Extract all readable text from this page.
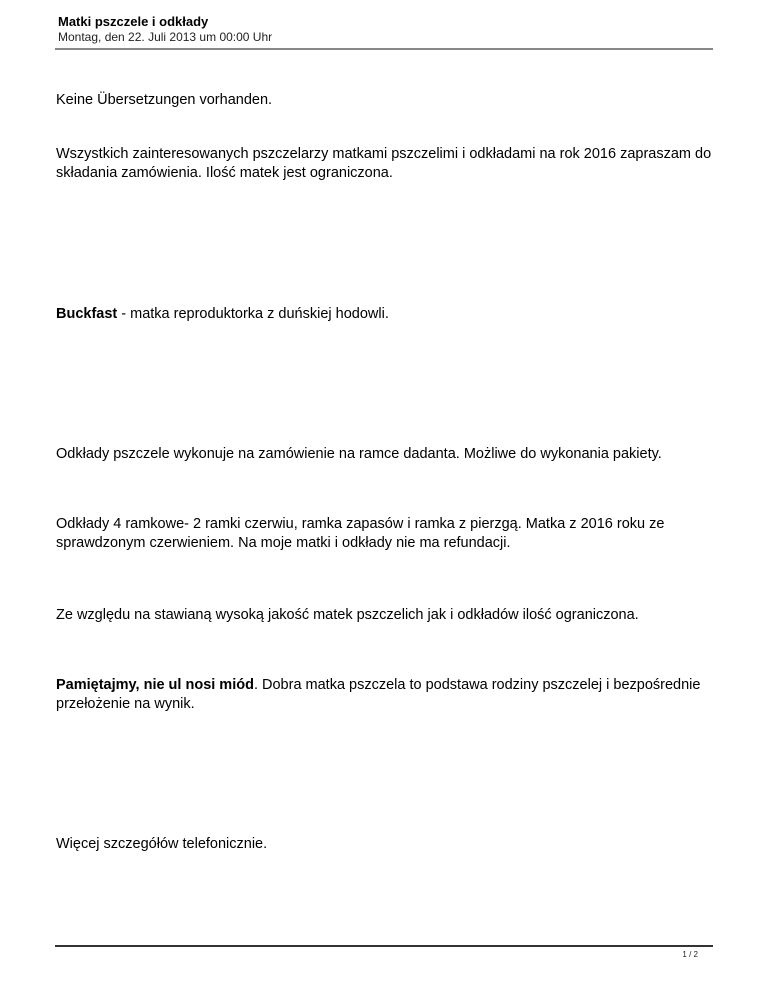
Matki pszczele i odkłady
Montag, den 22. Juli 2013 um 00:00 Uhr
Keine Übersetzungen vorhanden.
Wszystkich zainteresowanych pszczelarzy matkami pszczelimi i odkładami na rok 2016 zapraszam do składania zamówienia. Ilość matek jest ograniczona.
Buckfast - matka reproduktorka z duńskiej hodowli.
Odkłady pszczele wykonuje na zamówienie na ramce dadanta. Możliwe do wykonania pakiety.
Odkłady 4 ramkowe- 2 ramki czerwiu, ramka zapasów i ramka z pierzgą. Matka z 2016 roku ze sprawdzonym czerwieniem. Na moje matki i odkłady nie ma refundacji.
Ze względu na stawianą wysoką jakość matek pszczelich jak i odkładów ilość ograniczona.
Pamiętajmy, nie ul nosi miód. Dobra matka pszczela to podstawa rodziny pszczelej i bezpośrednie przełożenie na wynik.
Więcej szczegółów telefonicznie.
1 / 2
